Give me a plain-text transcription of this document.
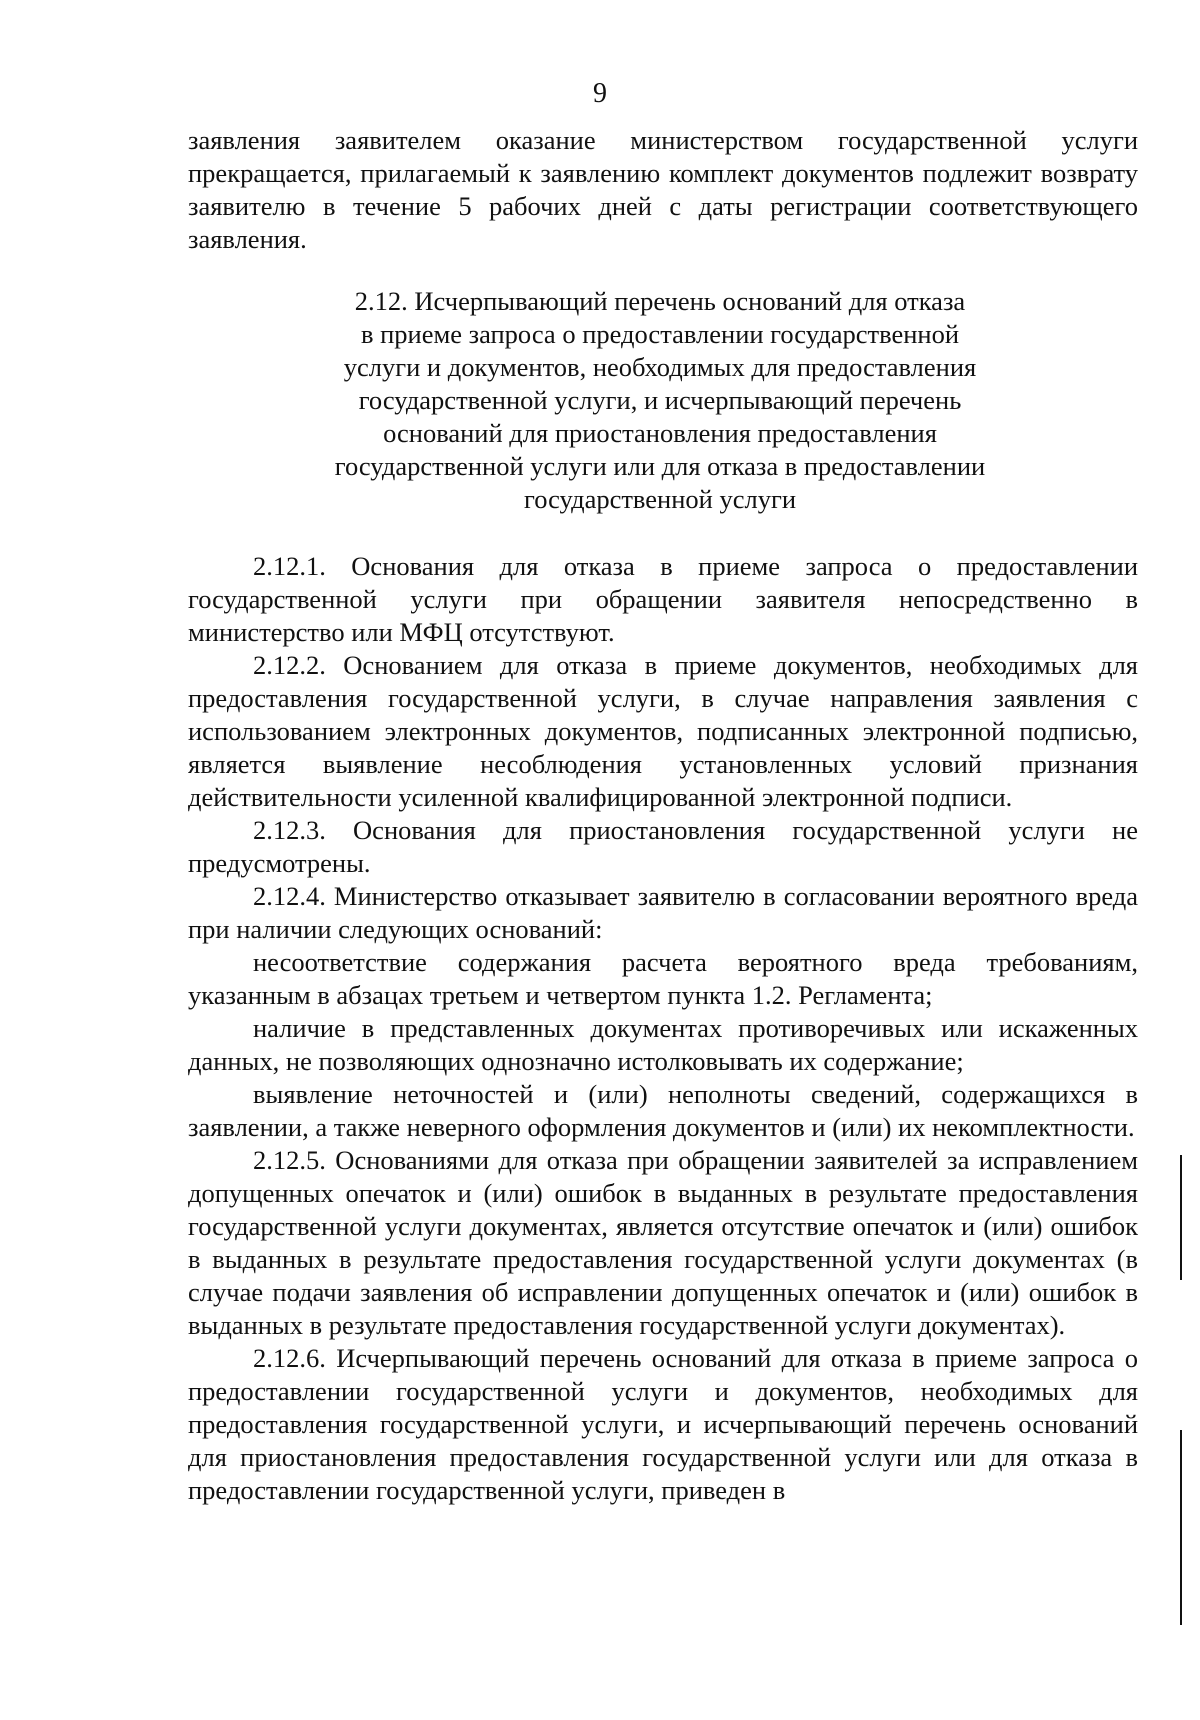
9

заявления заявителем оказание министерством государственной услуги прекращается, прилагаемый к заявлению комплект документов подлежит возврату заявителю в течение 5 рабочих дней с даты регистрации соответствующего заявления.

2.12. Исчерпывающий перечень оснований для отказа
в приеме запроса о предоставлении государственной
услуги и документов, необходимых для предоставления
государственной услуги, и исчерпывающий перечень
оснований для приостановления предоставления
государственной услуги или для отказа в предоставлении
государственной услуги

2.12.1. Основания для отказа в приеме запроса о предоставлении государственной услуги при обращении заявителя непосредственно в министерство или МФЦ отсутствуют.

2.12.2. Основанием для отказа в приеме документов, необходимых для предоставления государственной услуги, в случае направления заявления с использованием электронных документов, подписанных электронной подписью, является выявление несоблюдения установленных условий признания действительности усиленной квалифицированной электронной подписи.

2.12.3. Основания для приостановления государственной услуги не предусмотрены.

2.12.4. Министерство отказывает заявителю в согласовании вероятного вреда при наличии следующих оснований:

несоответствие содержания расчета вероятного вреда требованиям, указанным в абзацах третьем и четвертом пункта 1.2. Регламента;

наличие в представленных документах противоречивых или искаженных данных, не позволяющих однозначно истолковывать их содержание;

выявление неточностей и (или) неполноты сведений, содержащихся в заявлении, а также неверного оформления документов и (или) их некомплектности.

2.12.5. Основаниями для отказа при обращении заявителей за исправлением допущенных опечаток и (или) ошибок в выданных в результате предоставления государственной услуги документах, является отсутствие опечаток и (или) ошибок в выданных в результате предоставления государственной услуги документах (в случае подачи заявления об исправлении допущенных опечаток и (или) ошибок в выданных в результате предоставления государственной услуги документах).

2.12.6. Исчерпывающий перечень оснований для отказа в приеме запроса о предоставлении государственной услуги и документов, необходимых для предоставления государственной услуги, и исчерпывающий перечень оснований для приостановления предоставления государственной услуги или для отказа в предоставлении государственной услуги, приведен в
